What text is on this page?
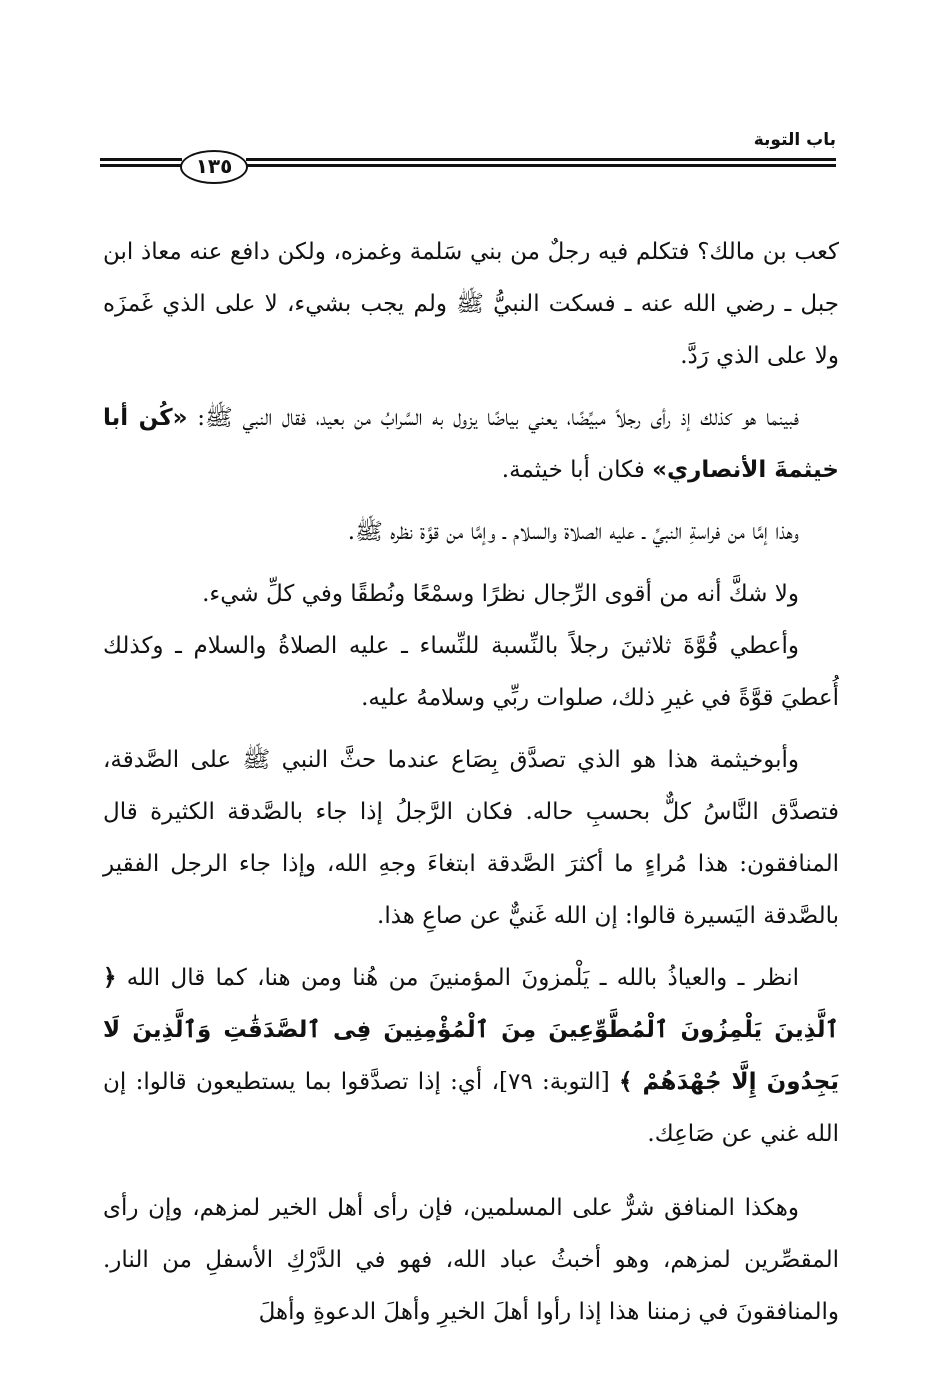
باب التوبة
١٣٥

كعب بن مالك؟ فتكلم فيه رجلٌ من بني سَلمة وغمزه، ولكن دافع عنه معاذ ابن جبل ـ رضي الله عنه ـ فسكت النبيُّ ﷺ ولم يجب بشيء، لا على الذي غَمزَه ولا على الذي رَدَّ.

فبينما هو كذلك إذ رأى رجلاً مبيِّضًا، يعني بياضًا يزول به السَّرابُ من بعيد، فقال النبي ﷺ: «كُن أبا خيثمةَ الأنصاري» فكان أبا خيثمة.

وهذا إمَّا من فراسةِ النبيِّ ـ عليه الصلاة والسلام ـ وإمَّا من قوَّة نظره ﷺ.

ولا شكَّ أنه من أقوى الرِّجال نظرًا وسمْعًا ونُطقًا وفي كلِّ شيء.

وأعطي قُوَّةَ ثلاثينَ رجلاً بالنِّسبة للنِّساء ـ عليه الصلاةُ والسلام ـ وكذلك أُعطيَ قوَّةً في غيرِ ذلك، صلوات ربِّي وسلامهُ عليه.

وأبوخيثمة هذا هو الذي تصدَّق بِصَاع عندما حثَّ النبي ﷺ على الصَّدقة، فتصدَّق النَّاسُ كلٌّ بحسبِ حاله. فكان الرَّجلُ إذا جاء بالصَّدقة الكثيرة قال المنافقون: هذا مُراءٍ ما أكثرَ الصَّدقة ابتغاءَ وجهِ الله، وإذا جاء الرجل الفقير بالصَّدقة اليَسيرة قالوا: إن الله غَنيٌّ عن صاعِ هذا.

انظر ـ والعياذُ بالله ـ يَلْمزونَ المؤمنينَ من هُنا ومن هنا، كما قال الله ﴿ ٱلَّذِينَ يَلْمِزُونَ ٱلْمُطَّوِّعِينَ مِنَ ٱلْمُؤْمِنِينَ فِى ٱلصَّدَقَٰتِ وَٱلَّذِينَ لَا يَجِدُونَ إِلَّا جُهْدَهُمْ ﴾ [التوبة: ٧٩]، أي: إذا تصدَّقوا بما يستطيعون قالوا: إن الله غني عن صَاعِك.

وهكذا المنافق شرٌّ على المسلمين، فإن رأى أهل الخير لمزهم، وإن رأى المقصِّرين لمزهم، وهو أخبثُ عباد الله، فهو في الدَّرْكِ الأسفلِ من النار. والمنافقونَ في زمننا هذا إذا رأوا أهلَ الخيرِ وأهلَ الدعوةِ وأهلَ
